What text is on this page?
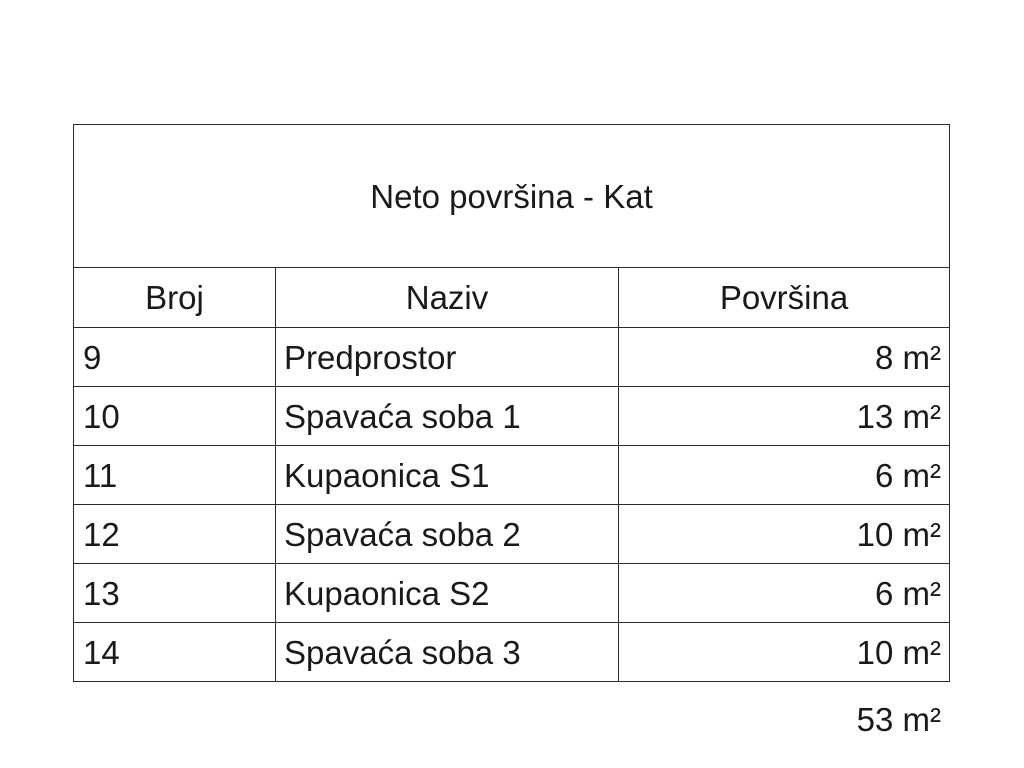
Neto površina - Kat		
Broj	Naziv	Površina
9	Predprostor	8 m²
10	Spavaća soba 1	13 m²
11	Kupaonica S1	6 m²
12	Spavaća soba 2	10 m²
13	Kupaonica S2	6 m²
14	Spavaća soba 3	10 m²
53 m²
